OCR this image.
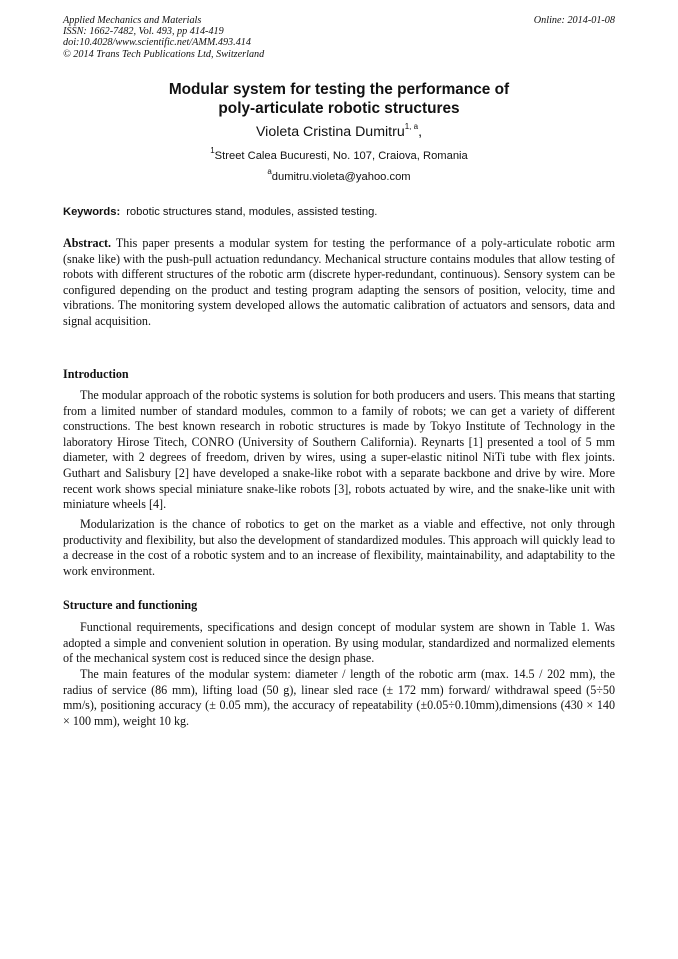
Applied Mechanics and Materials
ISSN: 1662-7482, Vol. 493, pp 414-419
doi:10.4028/www.scientific.net/AMM.493.414
© 2014 Trans Tech Publications Ltd, Switzerland
Online: 2014-01-08
Modular system for testing the performance of
poly-articulate robotic structures
Violeta Cristina Dumitru$^{1, a}$,
$^1$Street Calea Bucuresti, No. 107, Craiova, Romania
$^a$dumitru.violeta@yahoo.com
Keywords: robotic structures stand, modules, assisted testing.

Abstract. This paper presents a modular system for testing the performance of a poly-articulate robotic arm (snake like) with the push-pull actuation redundancy. Mechanical structure contains modules that allow testing of robots with different structures of the robotic arm (discrete hyper-redundant, continuous). Sensory system can be configured depending on the product and testing program adapting the sensors of position, velocity, time and vibrations. The monitoring system developed allows the automatic calibration of actuators and sensors, data and signal acquisition.

Introduction

The modular approach of the robotic systems is solution for both producers and users. This means that starting from a limited number of standard modules, common to a family of robots; we can get a variety of different constructions. The best known research in robotic structures is made by Tokyo Institute of Technology in the laboratory Hirose Titech, CONRO (University of Southern California). Reynarts [1] presented a tool of 5 mm diameter, with 2 degrees of freedom, driven by wires, using a super-elastic nitinol NiTi tube with flex joints. Guthart and Salisbury [2] have developed a snake-like robot with a separate backbone and drive by wire. More recent work shows special miniature snake-like robots [3], robots actuated by wire, and the snake-like unit with miniature wheels [4].

Modularization is the chance of robotics to get on the market as a viable and effective, not only through productivity and flexibility, but also the development of standardized modules. This approach will quickly lead to a decrease in the cost of a robotic system and to an increase of flexibility, maintainability, and adaptability to the work environment.

Structure and functioning

Functional requirements, specifications and design concept of modular system are shown in Table 1. Was adopted a simple and convenient solution in operation. By using modular, standardized and normalized elements of the mechanical system cost is reduced since the design phase.

The main features of the modular system: diameter / length of the robotic arm (max. 14.5 / 202 mm), the radius of service (86 mm), lifting load (50 g), linear sled race (± 172 mm) forward/ withdrawal speed (5÷50 mm/s), positioning accuracy (± 0.05 mm), the accuracy of repeatability (±0.05÷0.10mm),dimensions (430 × 140 × 100 mm), weight 10 kg.
